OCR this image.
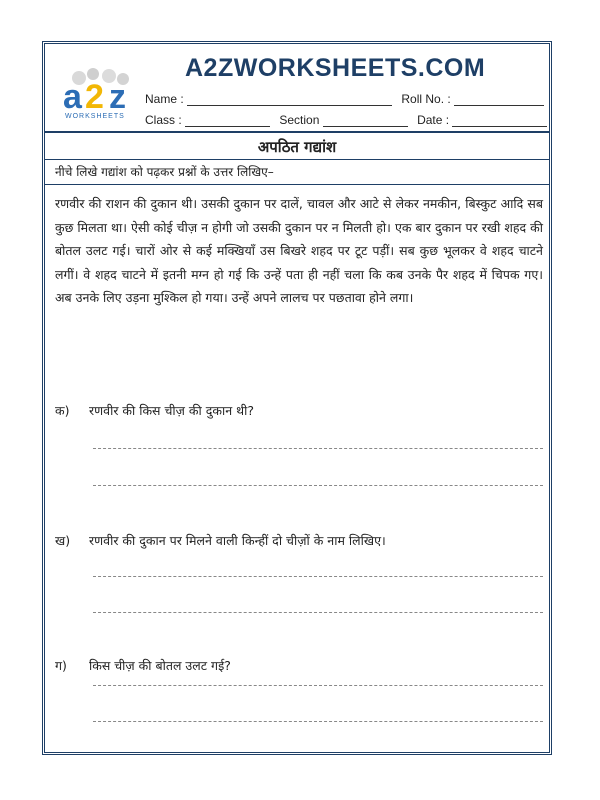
a 2 z
WORKSHEETS
A2ZWORKSHEETS.COM
Name :	Roll No. :
Class :	Section	Date :
अपठित गद्यांश
नीचे लिखे गद्यांश को पढ़कर प्रश्नों के उत्तर लिखिए–
रणवीर की राशन की दुकान थी। उसकी दुकान पर दालें, चावल और आटे से लेकर नमकीन, बिस्कुट आदि सब कुछ मिलता था। ऐसी कोई चीज़ न होगी जो उसकी दुकान पर न मिलती हो। एक बार दुकान पर रखी शहद की बोतल उलट गई। चारों ओर से कई मक्खियाँ उस बिखरे शहद पर टूट पड़ीं। सब कुछ भूलकर वे शहद चाटने लगीं। वे शहद चाटने में इतनी मग्न हो गई कि उन्हें पता ही नहीं चला कि कब उनके पैर शहद में चिपक गए। अब उनके लिए उड़ना मुश्किल हो गया। उन्हें अपने लालच पर पछतावा होने लगा।
क) रणवीर की किस चीज़ की दुकान थी?
ख) रणवीर की दुकान पर मिलने वाली किन्हीं दो चीज़ों के नाम लिखिए।
ग) किस चीज़ की बोतल उलट गई?
